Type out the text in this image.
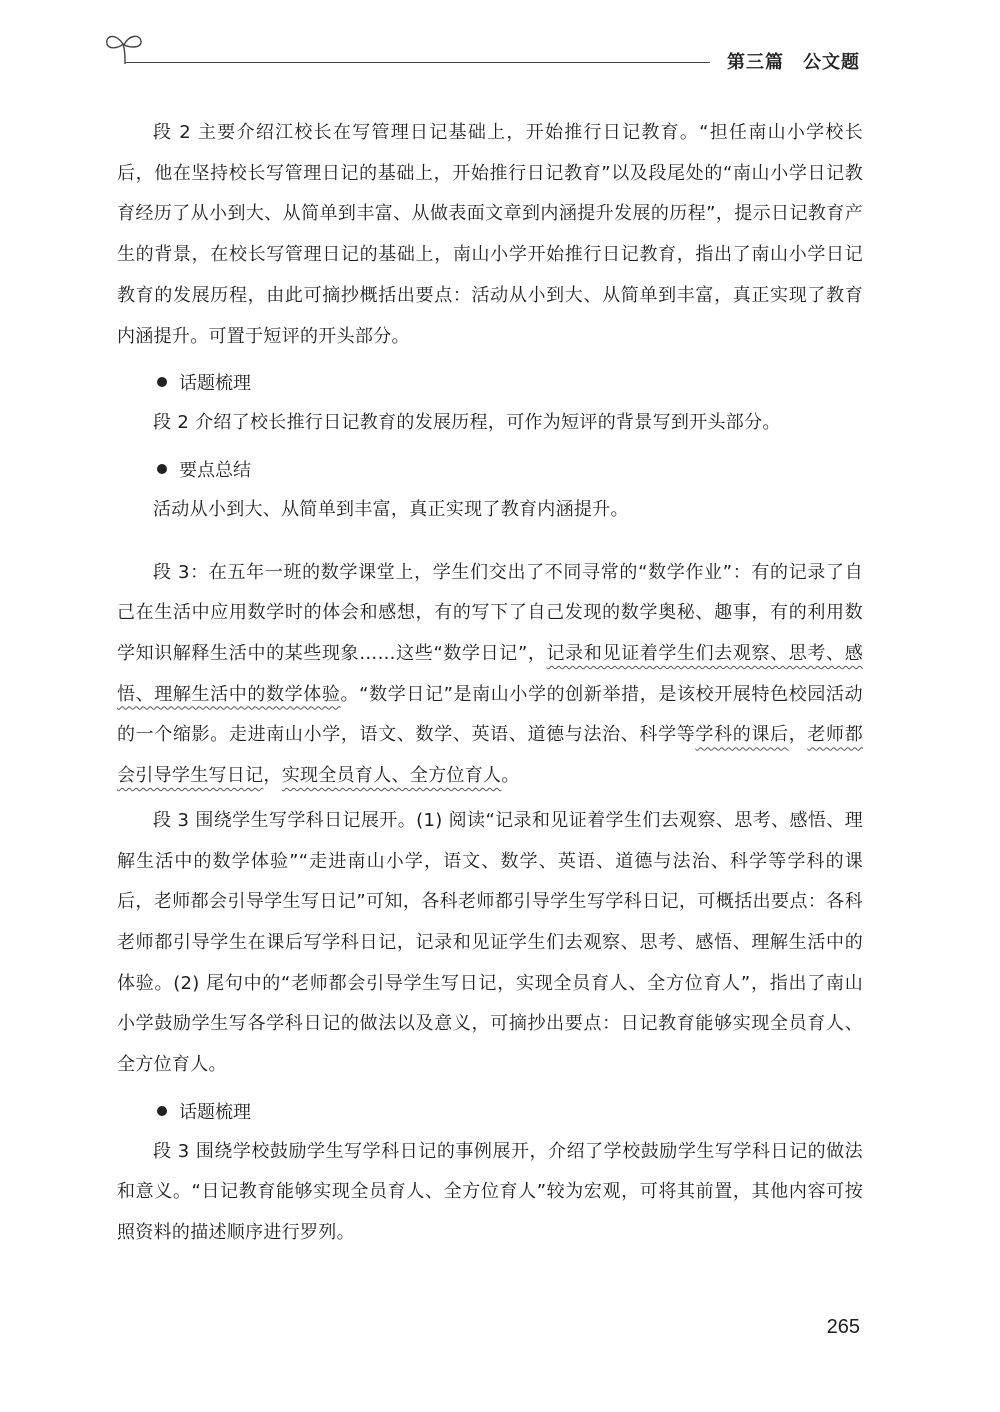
第三篇　公文题

段 2 主要介绍江校长在写管理日记基础上，开始推行日记教育。“担任南山小学校长后，他在坚持校长写管理日记的基础上，开始推行日记教育”以及段尾处的“南山小学日记教育经历了从小到大、从简单到丰富、从做表面文章到内涵提升发展的历程”，提示日记教育产生的背景，在校长写管理日记的基础上，南山小学开始推行日记教育，指出了南山小学日记教育的发展历程，由此可摘抄概括出要点：活动从小到大、从简单到丰富，真正实现了教育内涵提升。可置于短评的开头部分。

话题梳理

段 2 介绍了校长推行日记教育的发展历程，可作为短评的背景写到开头部分。

要点总结

活动从小到大、从简单到丰富，真正实现了教育内涵提升。

段 3：在五年一班的数学课堂上，学生们交出了不同寻常的“数学作业”：有的记录了自己在生活中应用数学时的体会和感想，有的写下了自己发现的数学奥秘、趣事，有的利用数学知识解释生活中的某些现象……这些“数学日记”，记录和见证着学生们去观察、思考、感悟、理解生活中的数学体验。“数学日记”是南山小学的创新举措，是该校开展特色校园活动的一个缩影。走进南山小学，语文、数学、英语、道德与法治、科学等学科的课后，老师都会引导学生写日记，实现全员育人、全方位育人。

段 3 围绕学生写学科日记展开。(1) 阅读“记录和见证着学生们去观察、思考、感悟、理解生活中的数学体验”“走进南山小学，语文、数学、英语、道德与法治、科学等学科的课后，老师都会引导学生写日记”可知，各科老师都引导学生写学科日记，可概括出要点：各科老师都引导学生在课后写学科日记，记录和见证学生们去观察、思考、感悟、理解生活中的体验。(2) 尾句中的“老师都会引导学生写日记，实现全员育人、全方位育人”，指出了南山小学鼓励学生写各学科日记的做法以及意义，可摘抄出要点：日记教育能够实现全员育人、全方位育人。

话题梳理

段 3 围绕学校鼓励学生写学科日记的事例展开，介绍了学校鼓励学生写学科日记的做法和意义。“日记教育能够实现全员育人、全方位育人”较为宏观，可将其前置，其他内容可按照资料的描述顺序进行罗列。

265
